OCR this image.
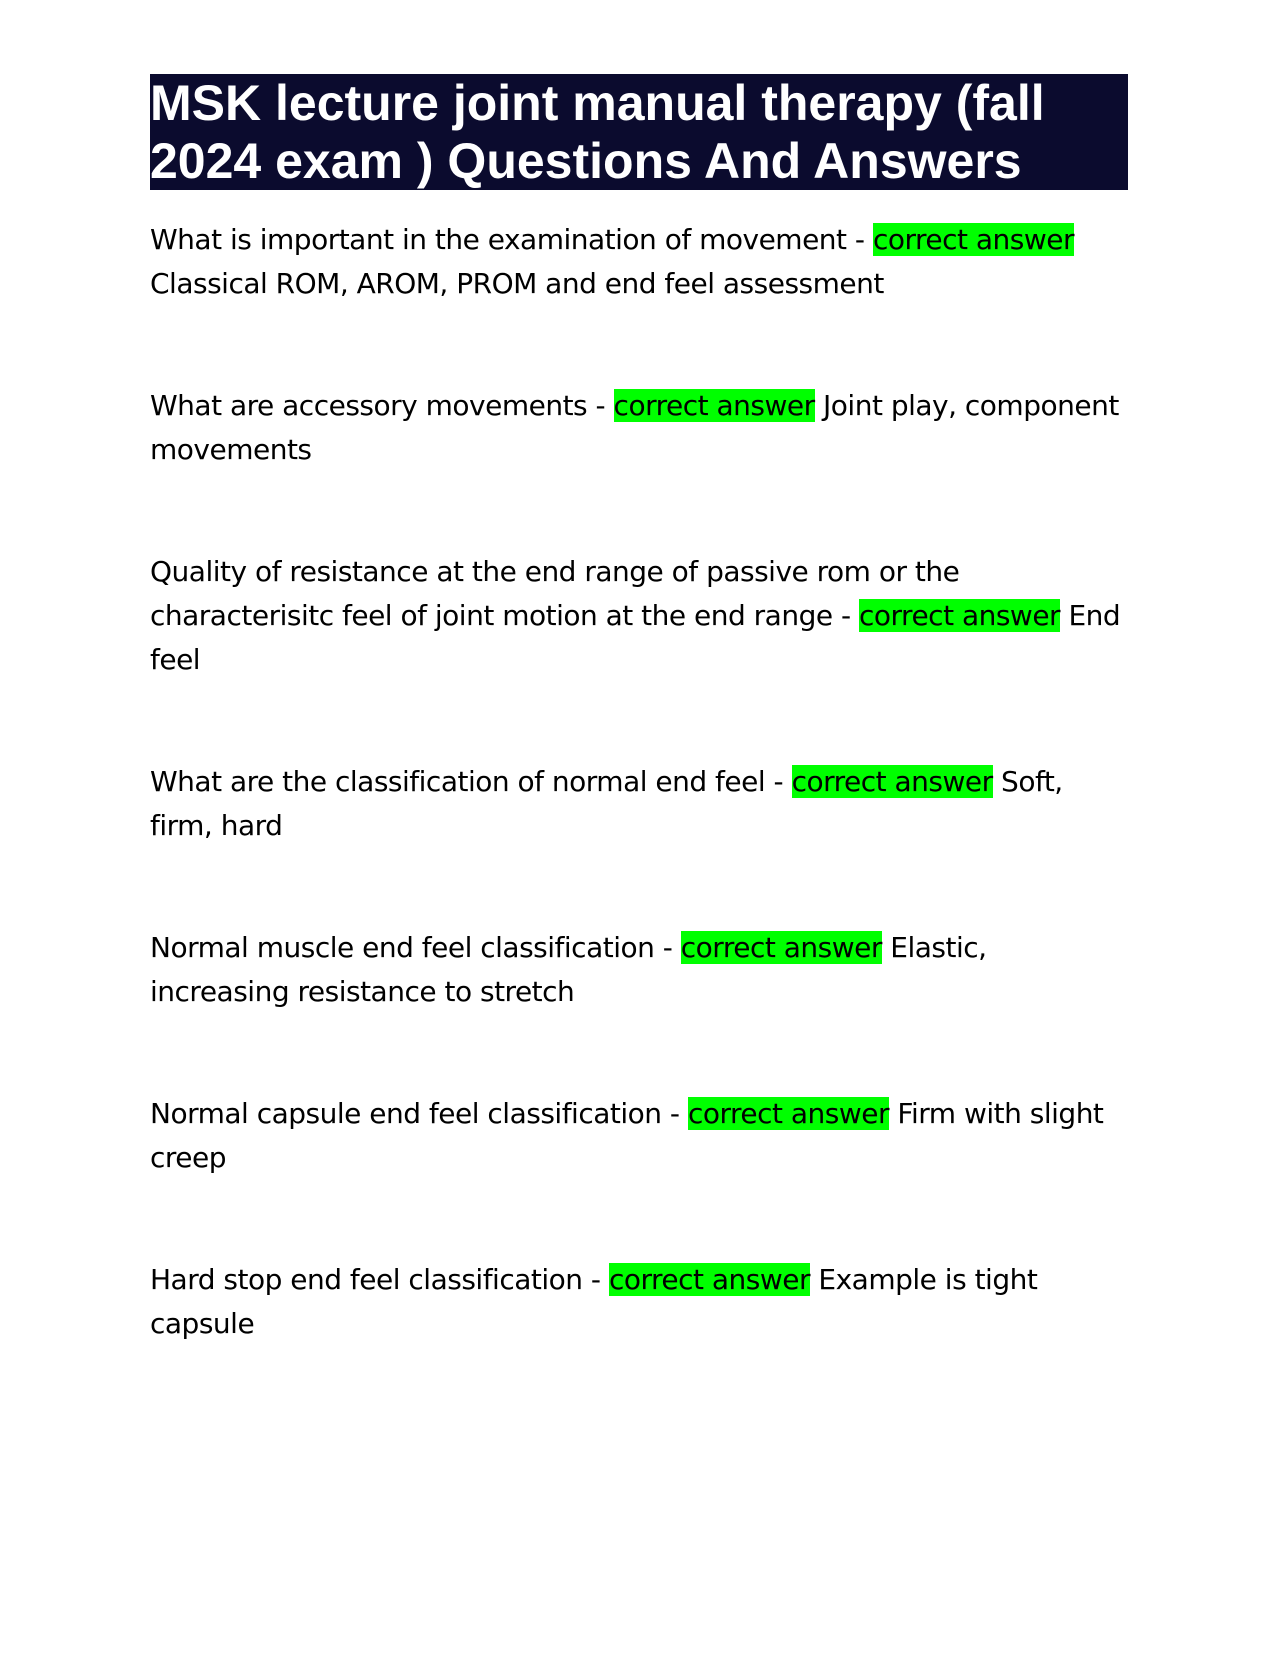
MSK lecture joint manual therapy (fall 2024 exam ) Questions And Answers

What is important in the examination of movement - correct answer Classical ROM, AROM, PROM and end feel assessment

What are accessory movements - correct answer Joint play, component movements

Quality of resistance at the end range of passive rom or the characterisitc feel of joint motion at the end range - correct answer End feel

What are the classification of normal end feel - correct answer Soft, firm, hard

Normal muscle end feel classification - correct answer Elastic, increasing resistance to stretch

Normal capsule end feel classification - correct answer Firm with slight creep

Hard stop end feel classification - correct answer Example is tight capsule
